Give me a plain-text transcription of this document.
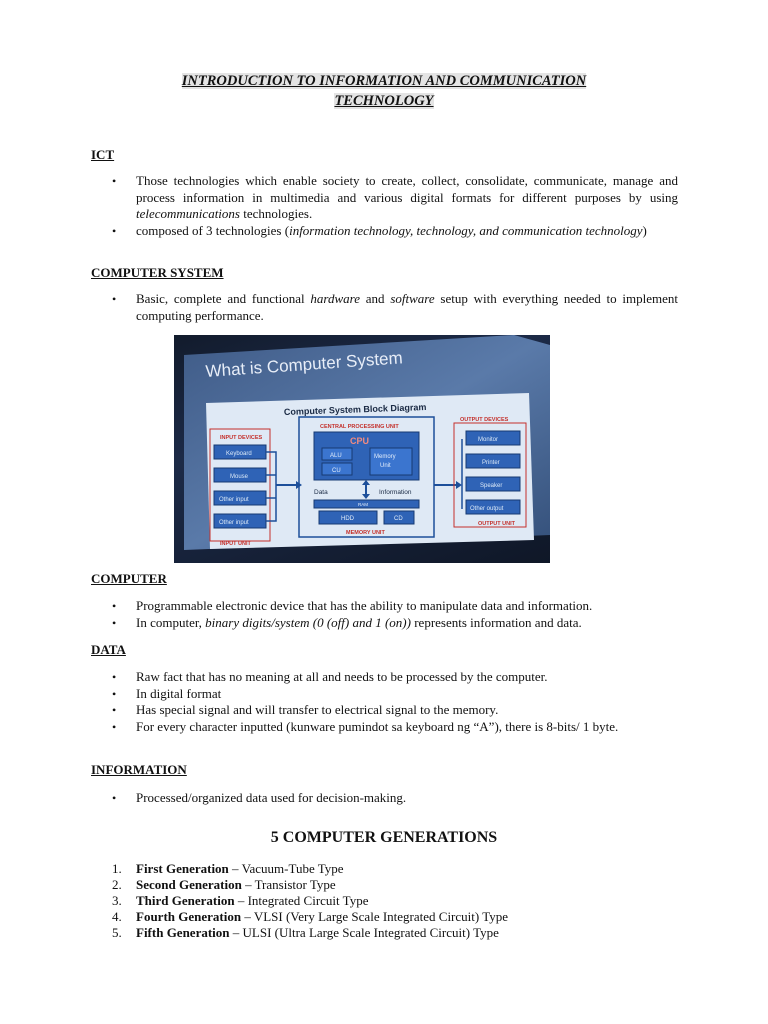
INTRODUCTION TO INFORMATION AND COMMUNICATION
TECHNOLOGY
ICT
• Those technologies which enable society to create, collect, consolidate, communicate, manage and process information in multimedia and various digital formats for different purposes by using telecommunications technologies.
• composed of 3 technologies (information technology, technology, and communication technology)
COMPUTER SYSTEM
• Basic, complete and functional hardware and software setup with everything needed to implement computing performance.
What is Computer System
Computer System Block Diagram
INPUT DEVICES
Keyboard
Mouse
Other input
Other input
INPUT UNIT
CENTRAL PROCESSING UNIT
CPU
ALU
CU
Memory
Unit
Data	Information
RAM
HDD	CD
MEMORY UNIT
OUTPUT DEVICES
Monitor
Printer
Speaker
Other output
OUTPUT UNIT
COMPUTER
• Programmable electronic device that has the ability to manipulate data and information.
• In computer, binary digits/system (0 (off) and 1 (on)) represents information and data.
DATA
• Raw fact that has no meaning at all and needs to be processed by the computer.
• In digital format
• Has special signal and will transfer to electrical signal to the memory.
• For every character inputted (kunware pumindot sa keyboard ng “A”), there is 8-bits/ 1 byte.
INFORMATION
• Processed/organized data used for decision-making.
5 COMPUTER GENERATIONS
1. First Generation – Vacuum-Tube Type
2. Second Generation – Transistor Type
3. Third Generation – Integrated Circuit Type
4. Fourth Generation – VLSI (Very Large Scale Integrated Circuit) Type
5. Fifth Generation – ULSI (Ultra Large Scale Integrated Circuit) Type
